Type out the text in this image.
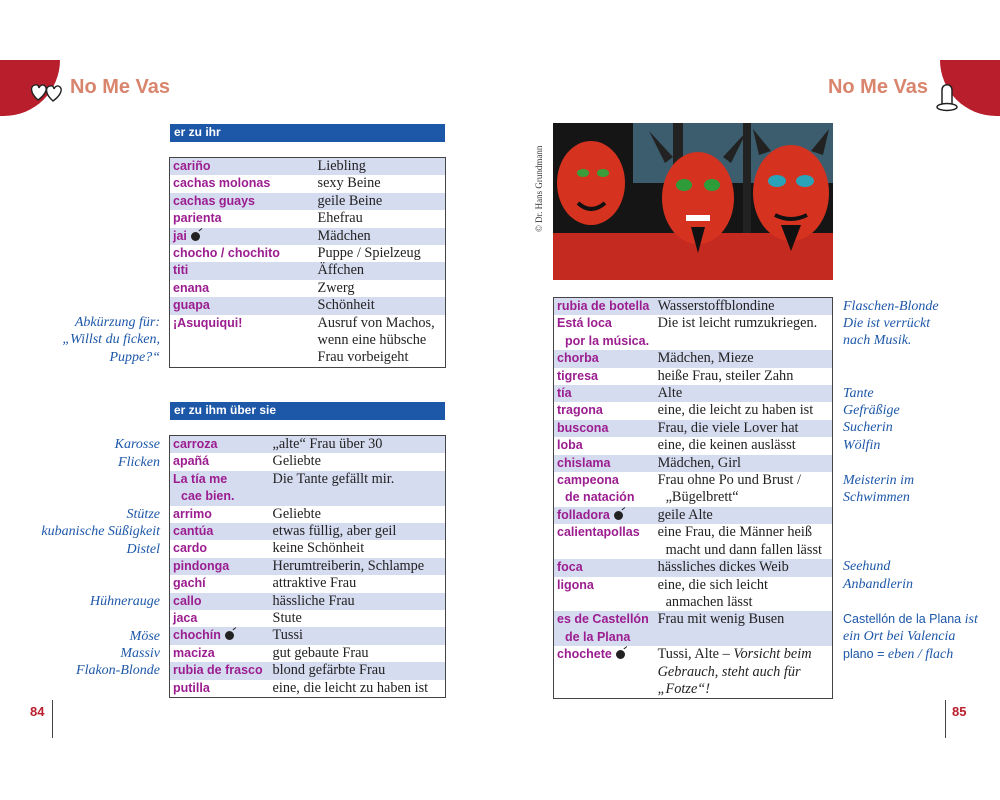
No Me Vas	No Me Vas
er zu ihr
cariño	Liebling
cachas molonas	sexy Beine
cachas guays	geile Beine
parienta	Ehefrau
jai	Mädchen
chocho / chochito	Puppe / Spielzeug
titi	Äffchen
enana	Zwerg
guapa	Schönheit
¡Asuquiqui!	Ausruf von Machos, wenn eine hübsche Frau vorbeigeht
Abkürzung für: „Willst du ficken, Puppe?“
er zu ihm über sie
carroza	„alte“ Frau über 30
apañá	Geliebte
La tía me
cae bien.	Die Tante gefällt mir.
arrimo	Geliebte
cantúa	etwas füllig, aber geil
cardo	keine Schönheit
pindonga	Herumtreiberin, Schlampe
gachí	attraktive Frau
callo	hässliche Frau
jaca	Stute
chochín	Tussi
maciza	gut gebaute Frau
rubia de frasco	blond gefärbte Frau
putilla	eine, die leicht zu haben ist
Karosse
Flicken
Stütze
kubanische Süßigkeit
Distel
Hühnerauge
Möse
Massiv
Flakon-Blonde
84
© Dr. Hans Grundmann
rubia de botella	Wasserstoffblondine
Está loca
por la música.	Die ist leicht rumzukriegen.
chorba	Mädchen, Mieze
tigresa	heiße Frau, steiler Zahn
tía	Alte
tragona	eine, die leicht zu haben ist
buscona	Frau, die viele Lover hat
loba	eine, die keinen auslässt
chislama	Mädchen, Girl
campeona
de natación	Frau ohne Po und Brust /
„Bügelbrett“
folladora	geile Alte
calientapollas	eine Frau, die Männer heiß
macht und dann fallen lässt
foca	hässliches dickes Weib
ligona	eine, die sich leicht
anmachen lässt
es de Castellón
de la Plana	Frau mit wenig Busen
chochete	Tussi, Alte – Vorsicht beim Gebrauch, steht auch für „Fotze“!
Flaschen-Blonde
Die ist verrückt nach Musik.
Tante
Gefräßige
Sucherin
Wölfin
Meisterin im Schwimmen
Seehund
Anbandlerin
Castellón de la Plana ist ein Ort bei Valencia
plano = eben / flach
85
